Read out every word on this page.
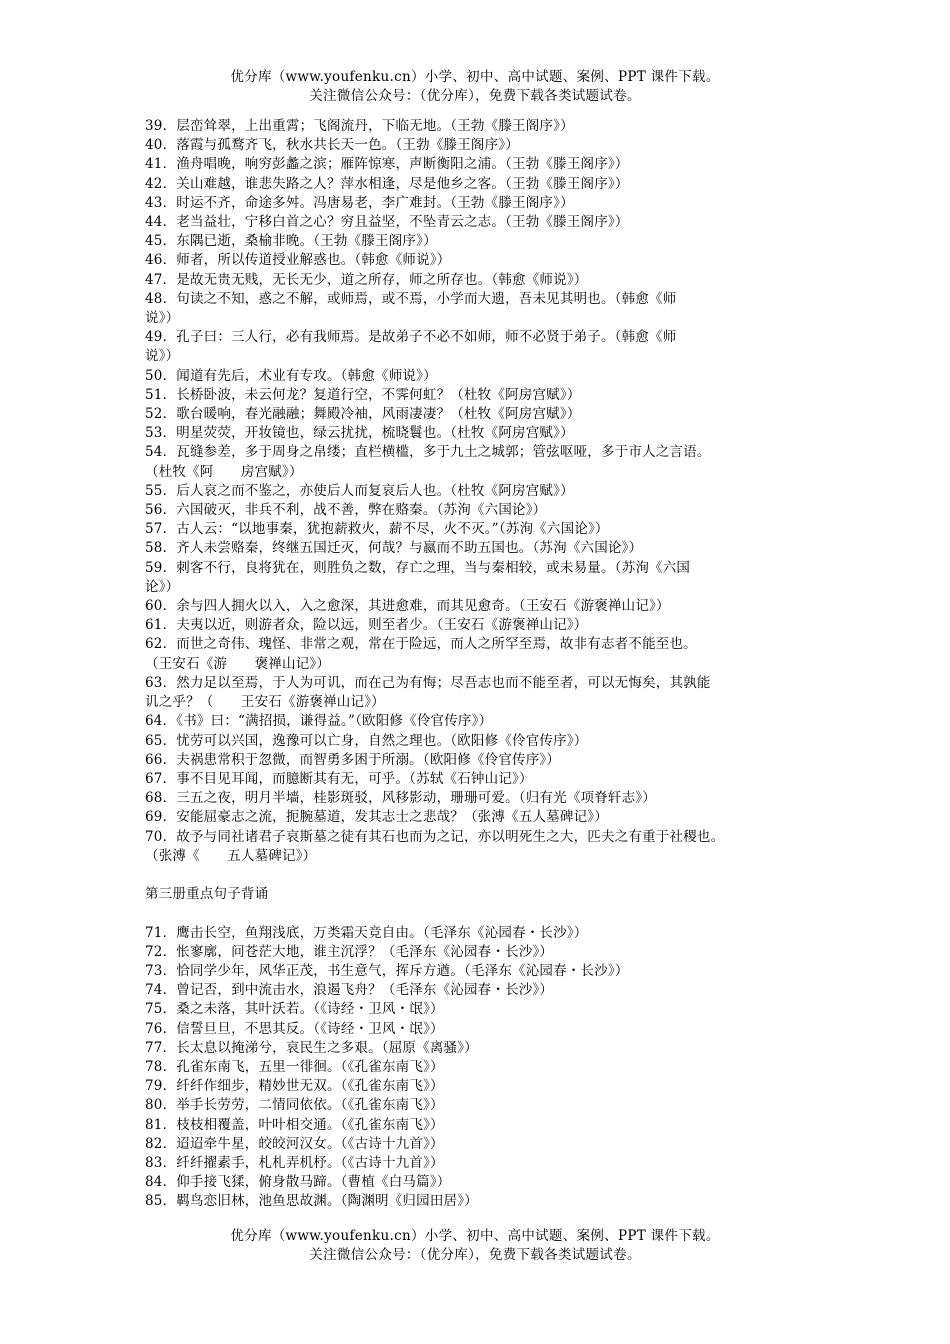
优分库（www.youfenku.cn）小学、初中、高中试题、案例、PPT 课件下载。
关注微信公众号：（优分库），免费下载各类试题试卷。
39．层峦耸翠，上出重霄；飞阁流丹，下临无地。（王勃《滕王阁序》）
40．落霞与孤鹜齐飞，秋水共长天一色。（王勃《滕王阁序》）
41．渔舟唱晚，响穷彭蠡之滨；雁阵惊寒，声断衡阳之浦。（王勃《滕王阁序》）
42．关山难越，谁悲失路之人？萍水相逢，尽是他乡之客。（王勃《滕王阁序》）
43．时运不齐，命途多舛。冯唐易老，李广难封。（王勃《滕王阁序》）
44．老当益壮，宁移白首之心？穷且益坚，不坠青云之志。（王勃《滕王阁序》）
45．东隅已逝，桑榆非晚。（王勃《滕王阁序》）
46．师者，所以传道授业解惑也。（韩愈《师说》）
47．是故无贵无贱，无长无少，道之所存，师之所存也。（韩愈《师说》）
48．句读之不知，惑之不解，或师焉，或不焉，小学而大遗，吾未见其明也。（韩愈《师
说》）
49．孔子曰：三人行，必有我师焉。是故弟子不必不如师，师不必贤于弟子。（韩愈《师
说》）
50．闻道有先后，术业有专攻。（韩愈《师说》）
51．长桥卧波，未云何龙？复道行空，不霁何虹？（杜牧《阿房宫赋》）
52．歌台暖响，春光融融；舞殿冷袖，风雨凄凄？（杜牧《阿房宫赋》）
53．明星荧荧，开妆镜也，绿云扰扰，梳晓鬟也。（杜牧《阿房宫赋》）
54．瓦缝参差，多于周身之帛缕；直栏横槛，多于九土之城郭；管弦呕哑，多于市人之言语。
（杜牧《阿　　房宫赋》）
55．后人哀之而不鉴之，亦使后人而复哀后人也。（杜牧《阿房宫赋》）
56．六国破灭，非兵不利，战不善，弊在赂秦。（苏洵《六国论》）
57．古人云：“以地事秦，犹抱薪救火，薪不尽，火不灭。”（苏洵《六国论》）
58．齐人未尝赂秦，终继五国迁灭，何哉？与嬴而不助五国也。（苏洵《六国论》）
59．刺客不行，良将犹在，则胜负之数，存亡之理，当与秦相较，或未易量。（苏洵《六国
论》）
60．余与四人拥火以入，入之愈深，其进愈难，而其见愈奇。（王安石《游褒禅山记》）
61．夫夷以近，则游者众，险以远，则至者少。（王安石《游褒禅山记》）
62．而世之奇伟、瑰怪、非常之观，常在于险远，而人之所罕至焉，故非有志者不能至也。
（王安石《游　　褒禅山记》）
63．然力足以至焉，于人为可讥，而在己为有悔；尽吾志也而不能至者，可以无悔矣，其孰能
讥之乎？（　　王安石《游褒禅山记》）
64．《书》曰：“满招损，谦得益。”（欧阳修《伶官传序》）
65．忧劳可以兴国，逸豫可以亡身，自然之理也。（欧阳修《伶官传序》）
66．夫祸患常积于忽微，而智勇多困于所溺。（欧阳修《伶官传序》）
67．事不目见耳闻，而臆断其有无，可乎。（苏轼《石钟山记》）
68．三五之夜，明月半墙，桂影斑驳，风移影动，珊珊可爱。（归有光《项脊轩志》）
69．安能屈豪志之流，扼腕墓道，发其志士之悲哉？（张溥《五人墓碑记》）
70．故予与同社诸君子哀斯墓之徒有其石也而为之记，亦以明死生之大，匹夫之有重于社稷也。
（张溥《　　五人墓碑记》）
第三册重点句子背诵
71．鹰击长空，鱼翔浅底，万类霜天竞自由。（毛泽东《沁园春・长沙》）
72．怅寥廓，问苍茫大地，谁主沉浮？（毛泽东《沁园春・长沙》）
73．恰同学少年，风华正茂，书生意气，挥斥方遒。（毛泽东《沁园春・长沙》）
74．曾记否，到中流击水，浪遏飞舟？（毛泽东《沁园春・长沙》）
75．桑之未落，其叶沃若。（《诗经・卫风・氓》）
76．信誓旦旦，不思其反。（《诗经・卫风・氓》）
77．长太息以掩涕兮，哀民生之多艰。（屈原《离骚》）
78．孔雀东南飞，五里一徘徊。（《孔雀东南飞》）
79．纤纤作细步，精妙世无双。（《孔雀东南飞》）
80．举手长劳劳，二情同依依。（《孔雀东南飞》）
81．枝枝相覆盖，叶叶相交通。（《孔雀东南飞》）
82．迢迢牵牛星，皎皎河汉女。（《古诗十九首》）
83．纤纤擢素手，札札弄机杼。（《古诗十九首》）
84．仰手接飞猱，俯身散马蹄。（曹植《白马篇》）
85．羁鸟恋旧林，池鱼思故渊。（陶渊明《归园田居》）
优分库（www.youfenku.cn）小学、初中、高中试题、案例、PPT 课件下载。
关注微信公众号：（优分库），免费下载各类试题试卷。
